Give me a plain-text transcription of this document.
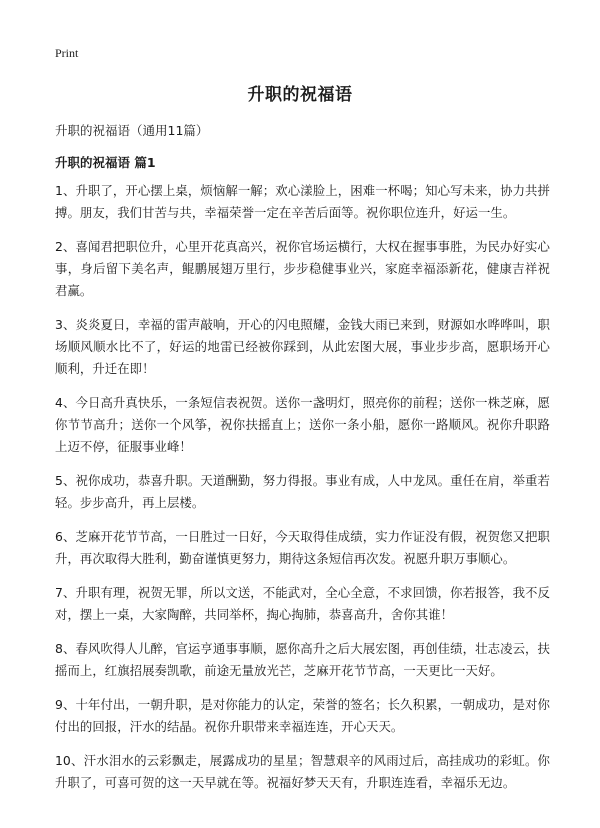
Print
升职的祝福语

升职的祝福语（通用11篇）

升职的祝福语 篇1

1、升职了，开心摆上桌，烦恼解一解；欢心漾脸上，困难一杯喝；知心写未来，协力共拼搏。朋友，我们甘苦与共，幸福荣誉一定在辛苦后面等。祝你职位连升，好运一生。

2、喜闻君把职位升，心里开花真高兴，祝你官场运横行，大权在握事事胜，为民办好实心事，身后留下美名声，鲲鹏展翅万里行，步步稳健事业兴，家庭幸福添新花，健康吉祥祝君赢。

3、炎炎夏日，幸福的雷声敲响，开心的闪电照耀，金钱大雨已来到，财源如水哗哗叫，职场顺风顺水比不了，好运的地雷已经被你踩到，从此宏图大展，事业步步高，愿职场开心顺利，升迁在即！

4、今日高升真快乐，一条短信表祝贺。送你一盏明灯，照亮你的前程；送你一株芝麻，愿你节节高升；送你一个风筝，祝你扶摇直上；送你一条小船，愿你一路顺风。祝你升职路上迈不停，征服事业峰！

5、祝你成功，恭喜升职。天道酬勤，努力得报。事业有成，人中龙凤。重任在肩，举重若轻。步步高升，再上层楼。

6、芝麻开花节节高，一日胜过一日好，今天取得佳成绩，实力作证没有假，祝贺您又把职升，再次取得大胜利，勤奋谨慎更努力，期待这条短信再次发。祝愿升职万事顺心。

7、升职有理，祝贺无罪，所以文送，不能武对，全心全意，不求回馈，你若报答，我不反对，摆上一桌，大家陶醉，共同举杯，掏心掏肺，恭喜高升，舍你其谁！

8、春风吹得人儿醉，官运亨通事事顺，愿你高升之后大展宏图，再创佳绩，壮志凌云，扶摇而上，红旗招展奏凯歌，前途无量放光芒，芝麻开花节节高，一天更比一天好。

9、十年付出，一朝升职，是对你能力的认定，荣誉的签名；长久积累，一朝成功，是对你付出的回报，汗水的结晶。祝你升职带来幸福连连，开心天天。

10、汗水泪水的云彩飘走，展露成功的星星；智慧艰辛的风雨过后，高挂成功的彩虹。你升职了，可喜可贺的这一天早就在等。祝福好梦天天有，升职连连看，幸福乐无边。
